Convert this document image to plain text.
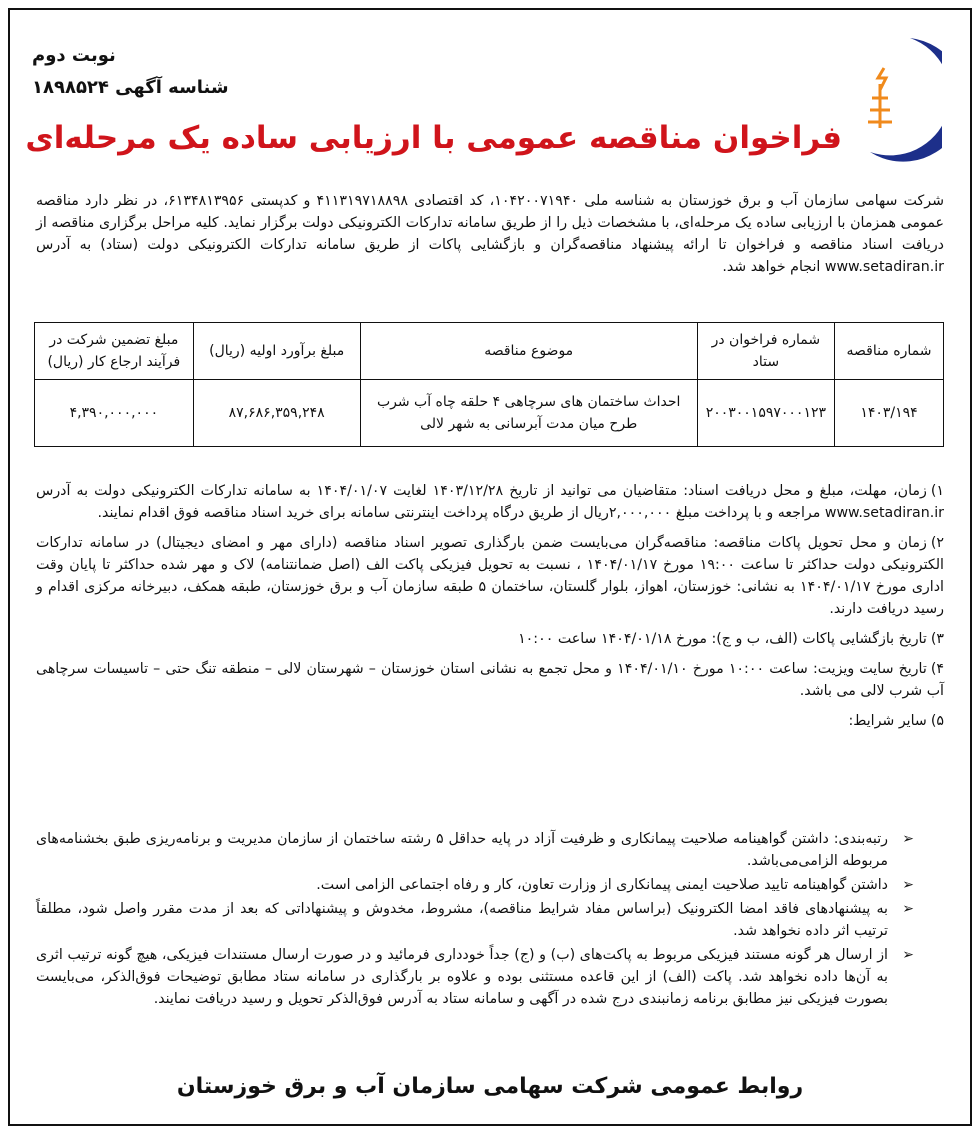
نوبت دوم
شناسه آگهی ۱۸۹۸۵۲۴
فراخوان مناقصه عمومی با ارزیابی ساده یک مرحله‌ای
شرکت سهامی سازمان آب و برق خوزستان به شناسه ملی ۱۰۴۲۰۰۷۱۹۴۰، کد اقتصادی ۴۱۱۳۱۹۷۱۸۸۹۸ و کدپستی ۶۱۳۴۸۱۳۹۵۶، در نظر دارد مناقصه عمومی همزمان با ارزیابی ساده یک مرحله‌ای، با مشخصات ذیل را از طریق سامانه تدارکات الکترونیکی دولت برگزار نماید. کلیه مراحل برگزاری مناقصه از دریافت اسناد مناقصه و فراخوان تا ارائه پیشنهاد مناقصه‌گران و بازگشایی پاکات از طریق سامانه تدارکات الکترونیکی دولت (ستاد) به آدرس www.setadiran.ir انجام خواهد شد.
شماره مناقصه	شماره فراخوان در ستاد	موضوع مناقصه	مبلغ برآورد اولیه (ریال)	مبلغ تضمین شرکت در فرآیند ارجاع کار (ریال)
۱۴۰۳/۱۹۴	۲۰۰۳۰۰۱۵۹۷۰۰۰۱۲۳	احداث ساختمان های سرچاهی ۴ حلقه چاه آب شرب طرح میان مدت آبرسانی به شهر لالی	۸۷,۶۸۶,۳۵۹,۲۴۸	۴,۳۹۰,۰۰۰,۰۰۰

۱)زمان، مهلت، مبلغ و محل دریافت اسناد: متقاضیان می توانید از تاریخ ۱۴۰۳/۱۲/۲۸ لغایت ۱۴۰۴/۰۱/۰۷ به سامانه تدارکات الکترونیکی دولت به آدرس www.setadiran.ir مراجعه و با پرداخت مبلغ ۲,۰۰۰,۰۰۰ریال از طریق درگاه پرداخت اینترنتی سامانه برای خرید اسناد مناقصه فوق اقدام نمایند.

۲)زمان و محل تحویل پاکات مناقصه: مناقصه‌گران می‌بایست ضمن بارگذاری تصویر اسناد مناقصه (دارای مهر و امضای دیجیتال) در سامانه تدارکات الکترونیکی دولت حداکثر تا ساعت ۱۹:۰۰ مورخ ۱۴۰۴/۰۱/۱۷ ، نسبت به تحویل فیزیکی پاکت الف (اصل ضمانتنامه) لاک و مهر شده حداکثر تا پایان وقت اداری مورخ ۱۴۰۴/۰۱/۱۷ به نشانی: خوزستان، اهواز، بلوار گلستان، ساختمان ۵ طبقه سازمان آب و برق خوزستان، طبقه همکف، دبیرخانه مرکزی اقدام و رسید دریافت دارند.

۳)تاریخ بازگشایی پاکات (الف، ب و ج): مورخ ۱۴۰۴/۰۱/۱۸ ساعت ۱۰:۰۰

۴)تاریخ سایت ویزیت: ساعت ۱۰:۰۰ مورخ ۱۴۰۴/۰۱/۱۰ و محل تجمع به نشانی استان خوزستان – شهرستان لالی – منطقه تنگ حتی – تاسیسات سرچاهی آب شرب لالی می باشد.

۵)سایر شرایط:

➢
رتبه‌بندی: داشتن گواهینامه صلاحیت پیمانکاری و ظرفیت آزاد در پایه حداقل ۵ رشته ساختمان از سازمان مدیریت و برنامه‌ریزی طبق بخشنامه‌های مربوطه الزامی‌می‌باشد.
➢
داشتن گواهینامه تایید صلاحیت ایمنی پیمانکاری از وزارت تعاون، کار و رفاه اجتماعی الزامی است.
➢
به پیشنهادهای فاقد امضا الکترونیک (براساس مفاد شرایط مناقصه)، مشروط، مخدوش و پیشنهاداتی که بعد از مدت مقرر واصل شود، مطلقاً ترتیب اثر داده نخواهد شد.
➢
از ارسال هر گونه مستند فیزیکی مربوط به پاکت‌های (ب) و (ج) جداً خودداری فرمائید و در صورت ارسال مستندات فیزیکی، هیچ گونه ترتیب اثری به آن‌ها داده نخواهد شد. پاکت (الف) از این قاعده مستثنی بوده و علاوه بر بارگذاری در سامانه ستاد مطابق توضیحات فوق‌الذکر، می‌بایست بصورت فیزیکی نیز مطابق برنامه زمانبندی درج شده در آگهی و سامانه ستاد به آدرس فوق‌الذکر تحویل و رسید دریافت نمایند.
روابط عمومی شرکت سهامی سازمان آب و برق خوزستان
